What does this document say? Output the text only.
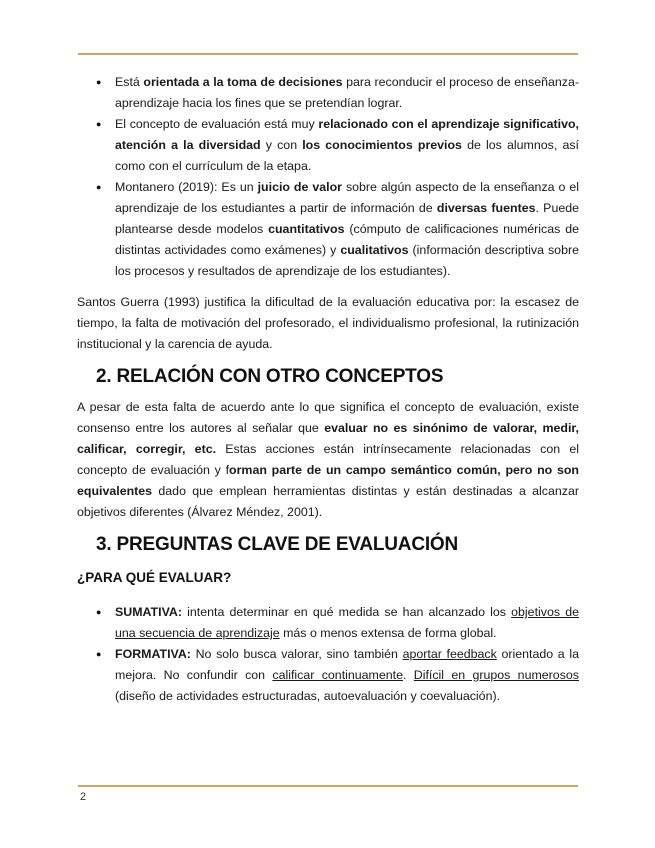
● Está orientada a la toma de decisiones para reconducir el proceso de enseñanza-aprendizaje hacia los fines que se pretendían lograr.
● El concepto de evaluación está muy relacionado con el aprendizaje significativo, atención a la diversidad y con los conocimientos previos de los alumnos, así como con el currículum de la etapa.
● Montanero (2019): Es un juicio de valor sobre algún aspecto de la enseñanza o el aprendizaje de los estudiantes a partir de información de diversas fuentes. Puede plantearse desde modelos cuantitativos (cómputo de calificaciones numéricas de distintas actividades como exámenes) y cualitativos (información descriptiva sobre los procesos y resultados de aprendizaje de los estudiantes).

Santos Guerra (1993) justifica la dificultad de la evaluación educativa por: la escasez de tiempo, la falta de motivación del profesorado, el individualismo profesional, la rutinización institucional y la carencia de ayuda.

2. RELACIÓN CON OTRO CONCEPTOS

A pesar de esta falta de acuerdo ante lo que significa el concepto de evaluación, existe consenso entre los autores al señalar que evaluar no es sinónimo de valorar, medir, calificar, corregir, etc. Estas acciones están intrínsecamente relacionadas con el concepto de evaluación y forman parte de un campo semántico común, pero no son equivalentes dado que emplean herramientas distintas y están destinadas a alcanzar objetivos diferentes (Álvarez Méndez, 2001).

3. PREGUNTAS CLAVE DE EVALUACIÓN
¿PARA QUÉ EVALUAR?
● SUMATIVA: intenta determinar en qué medida se han alcanzado los objetivos de una secuencia de aprendizaje más o menos extensa de forma global.
● FORMATIVA: No solo busca valorar, sino también aportar feedback orientado a la mejora. No confundir con calificar continuamente. Difícil en grupos numerosos (diseño de actividades estructuradas, autoevaluación y coevaluación).
2
